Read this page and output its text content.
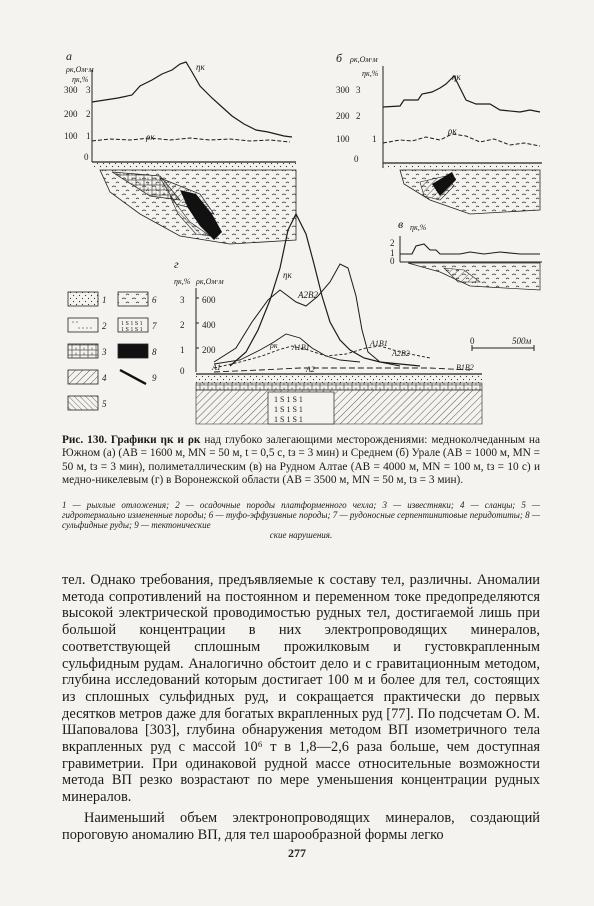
а
ρк,Ом·м
ηк,%
300 3
200 2
100 1
0
ηк
ρк
б ρк,Ом·м
ηк,%
300 3
200 2
100	1
0
ηк
ρк
в ηк,%
2
1
0
г
ηк,% ρк,Ом·м
3
2
1
0
600
400
200
ηк
A2B2
A1B1
ρк	A1B1
A2B2
A1	A2	B1B2
0	500м
1 Ѕ 1 Ѕ 1
1 Ѕ 1 Ѕ 1
1 Ѕ 1 Ѕ 1
1
2
3
4
5
6
1 Ѕ 1 Ѕ 1
1 Ѕ 1 Ѕ 1 7
8
9
Рис. 130. Графики ηк и ρк над глубоко залегающими месторождениями: медноколчеданным на Южном (а) (AB = 1600 м, MN = 50 м, t = 0,5 с, tз = 3 мин) и Среднем (б) Урале (AB = 1000 м, MN = 50 м, tз = 3 мин), полиметаллическим (в) на Рудном Алтае (AB = 4000 м, MN = 100 м, tз = 10 с) и медно-никелевым (г) в Воронежской области (AB = 3500 м, MN = 50 м, tз = 3 мин).
1 — рыхлые отложения; 2 — осадочные породы платформенного чехла; 3 — известняки; 4 — сланцы; 5 — гидротермально измененные породы; 6 — туфо-эффузивные породы; 7 — рудоносные серпентинитовые перидотиты; 8 — сульфидные руды; 9 — тектонические
ские нарушения.

тел. Однако требования, предъявляемые к составу тел, различны. Аномалии метода сопротивлений на постоянном и переменном токе предопределяются высокой электрической проводимостью рудных тел, достигаемой лишь при большой концентрации в них электропроводящих минералов, соответствующей сплошным прожилковым и густовкрапленным сульфидным рудам. Аналогично обстоит дело и с гравитационным методом, глубина исследований которым достигает 100 м и более для тел, состоящих из сплошных сульфидных руд, и сокращается практически до первых десятков метров даже для богатых вкрапленных руд [77]. По подсчетам О. М. Шаповалова [303], глубина обнаружения методом ВП изометричного тела вкрапленных руд с массой 10⁶ т в 1,8—2,6 раза больше, чем доступная гравиметрии. При одинаковой рудной массе относительные возможности метода ВП резко возрастают по мере уменьшения концентрации рудных минералов.

Наименьший объем электронопроводящих минералов, создающий пороговую аномалию ВП, для тел шарообразной формы легко

277
